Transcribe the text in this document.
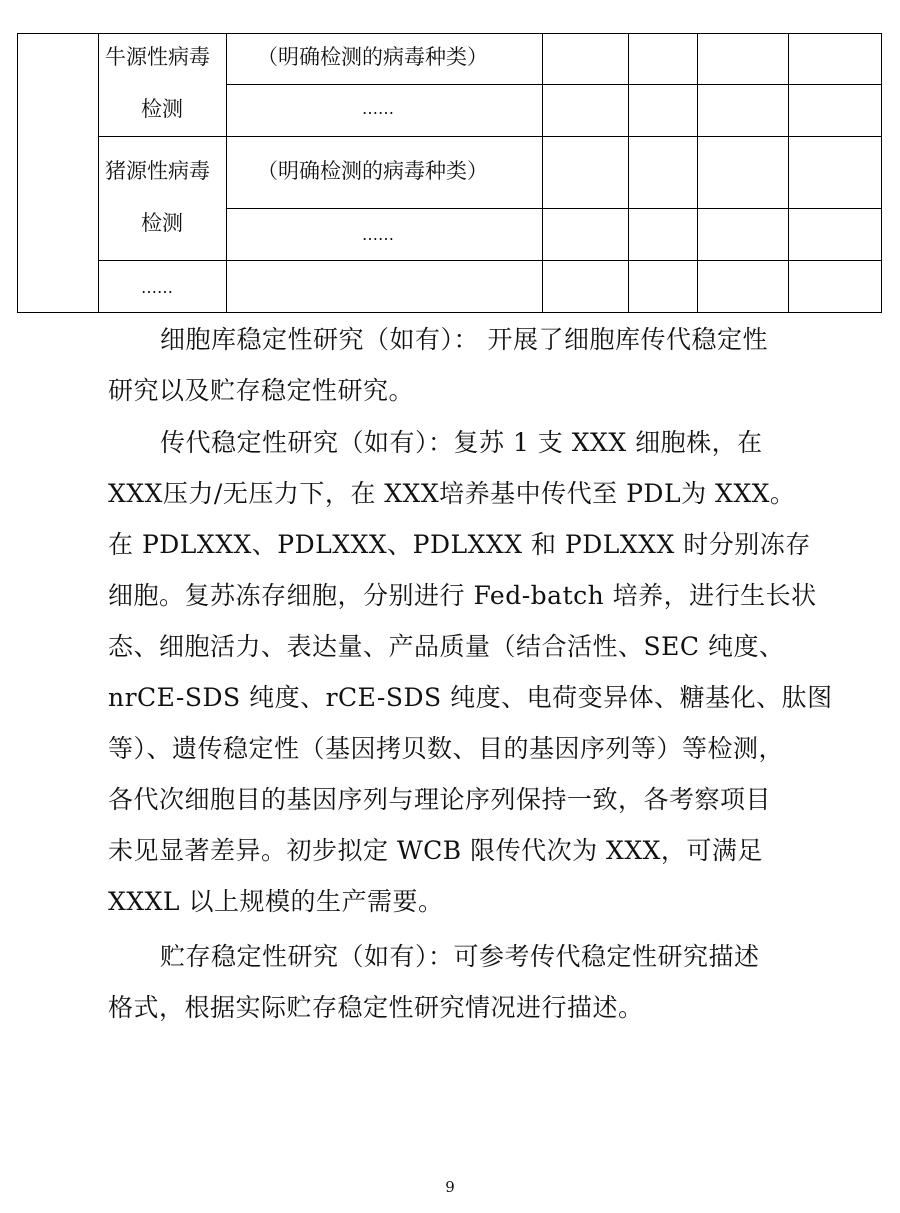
牛源性病毒
检测
（明确检测的病毒种类）
……
猪源性病毒
检测
（明确检测的病毒种类）
……
……
细胞库稳定性研究（如有）： 开展了细胞库传代稳定性
研究以及贮存稳定性研究。
传代稳定性研究（如有）：复苏 1 支 XXX 细胞株，在
XXX压力/无压力下，在 XXX培养基中传代至 PDL为 XXX。
在 PDLXXX、PDLXXX、PDLXXX 和 PDLXXX 时分别冻存
细胞。复苏冻存细胞，分别进行 Fed-batch 培养，进行生长状
态、细胞活力、表达量、产品质量（结合活性、SEC 纯度、
nrCE-SDS 纯度、rCE-SDS 纯度、电荷变异体、糖基化、肽图
等）、遗传稳定性（基因拷贝数、目的基因序列等）等检测，
各代次细胞目的基因序列与理论序列保持一致，各考察项目
未见显著差异。初步拟定 WCB 限传代次为 XXX，可满足
XXXL 以上规模的生产需要。
贮存稳定性研究（如有）：可参考传代稳定性研究描述
格式，根据实际贮存稳定性研究情况进行描述。
9
